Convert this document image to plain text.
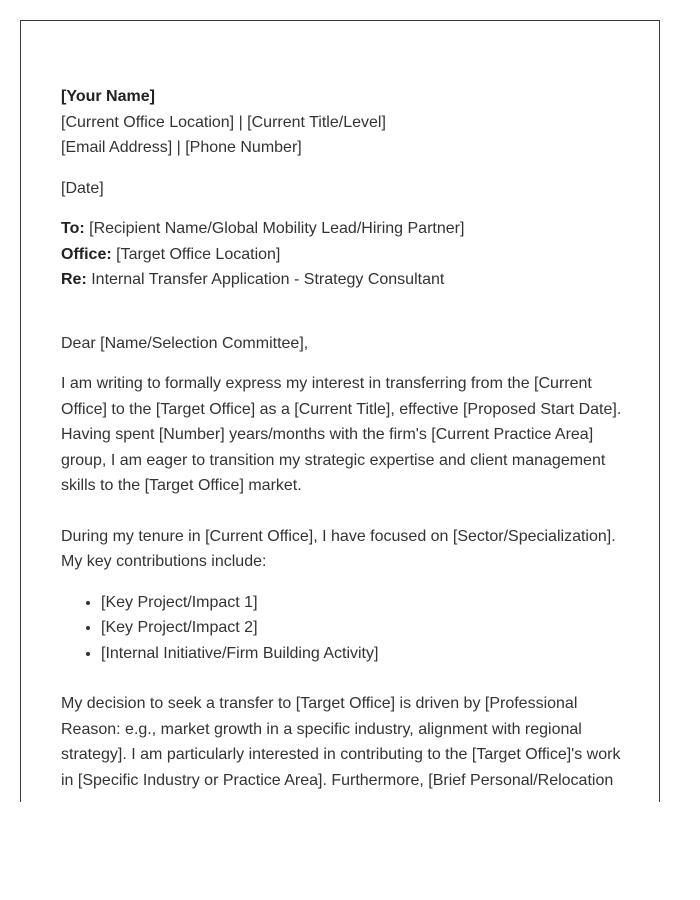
[Your Name]
[Current Office Location] | [Current Title/Level]
[Email Address] | [Phone Number]
[Date]
To: [Recipient Name/Global Mobility Lead/Hiring Partner]
Office: [Target Office Location]
Re: Internal Transfer Application - Strategy Consultant
Dear [Name/Selection Committee],

I am writing to formally express my interest in transferring from the [Current Office] to the [Target Office] as a [Current Title], effective [Proposed Start Date]. Having spent [Number] years/months with the firm's [Current Practice Area] group, I am eager to transition my strategic expertise and client management skills to the [Target Office] market.

During my tenure in [Current Office], I have focused on [Sector/Specialization]. My key contributions include:

• [Key Project/Impact 1]
• [Key Project/Impact 2]
• [Internal Initiative/Firm Building Activity]

My decision to seek a transfer to [Target Office] is driven by [Professional Reason: e.g., market growth in a specific industry, alignment with regional strategy]. I am particularly interested in contributing to the [Target Office]'s work in [Specific Industry or Practice Area]. Furthermore, [Brief Personal/Relocation
